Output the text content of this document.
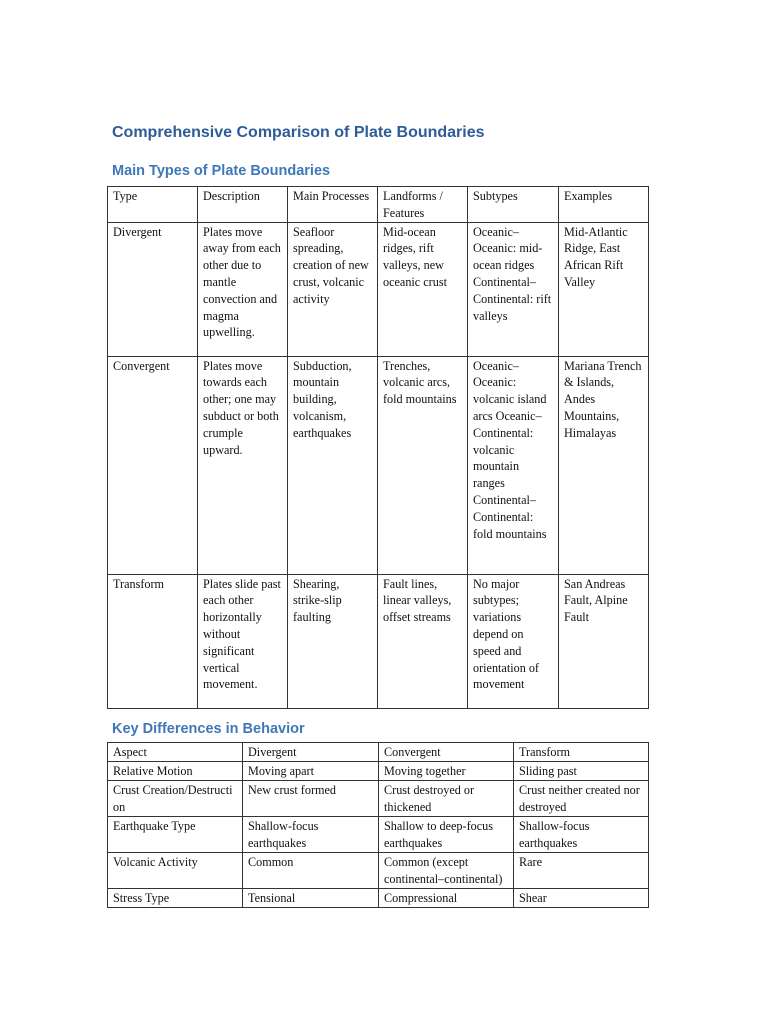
Comprehensive Comparison of Plate Boundaries
Main Types of Plate Boundaries
Type	Description	Main Processes	Landforms / Features	Subtypes	Examples
Divergent	Plates move away from each other due to mantle convection and magma upwelling.	Seafloor spreading, creation of new crust, volcanic activity	Mid-ocean ridges, rift valleys, new oceanic crust	Oceanic–Oceanic: mid-ocean ridges Continental–Continental: rift valleys	Mid-Atlantic Ridge, East African Rift Valley
Convergent	Plates move towards each other; one may subduct or both crumple upward.	Subduction, mountain building, volcanism, earthquakes	Trenches, volcanic arcs, fold mountains	Oceanic–Oceanic: volcanic island arcs Oceanic–Continental: volcanic mountain ranges Continental–Continental: fold mountains	Mariana Trench & Islands, Andes Mountains, Himalayas
Transform	Plates slide past each other horizontally without significant vertical movement.	Shearing, strike-slip faulting	Fault lines, linear valleys, offset streams	No major subtypes; variations depend on speed and orientation of movement	San Andreas Fault, Alpine Fault
Key Differences in Behavior
Aspect	Divergent	Convergent	Transform
Relative Motion	Moving apart	Moving together	Sliding past
Crust Creation/Destruction	New crust formed	Crust destroyed or thickened	Crust neither created nor destroyed
Earthquake Type	Shallow-focus earthquakes	Shallow to deep-focus earthquakes	Shallow-focus earthquakes
Volcanic Activity	Common	Common (except continental–continental)	Rare
Stress Type	Tensional	Compressional	Shear
